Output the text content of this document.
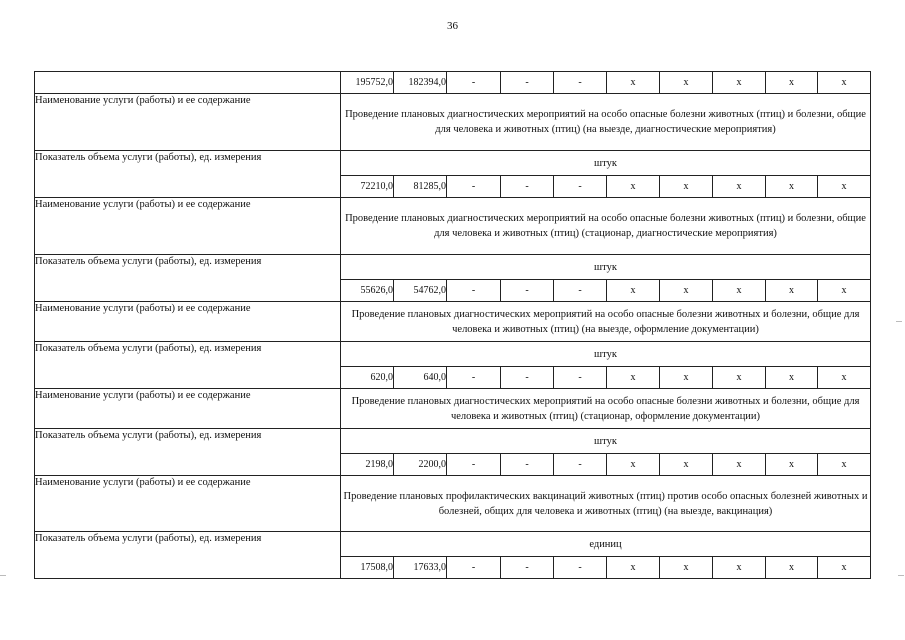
36
	195752,0	182394,0	-	-	-	x	x	x	x	x
Наименование услуги (работы) и ее содержание	Проведение плановых диагностических мероприятий на особо опасные болезни животных (птиц) и болезни, общие для человека и животных (птиц) (на выезде, диагностические мероприятия)									
Показатель объема услуги (работы), ед. измерения	штук									
	72210,0	81285,0	-	-	-	x	x	x	x	x
Наименование услуги (работы) и ее содержание	Проведение плановых диагностических мероприятий на особо опасные болезни животных (птиц) и болезни, общие для человека и животных (птиц) (стационар, диагностические мероприятия)									
Показатель объема услуги (работы), ед. измерения	штук									
	55626,0	54762,0	-	-	-	x	x	x	x	x
Наименование услуги (работы) и ее содержание	Проведение плановых диагностических мероприятий на особо опасные болезни животных и болезни, общие для человека и животных (птиц) (на выезде, оформление документации)									
Показатель объема услуги (работы), ед. измерения	штук									
	620,0	640,0	-	-	-	x	x	x	x	x
Наименование услуги (работы) и ее содержание	Проведение плановых диагностических мероприятий на особо опасные болезни животных и болезни, общие для человека и животных (птиц) (стационар, оформление документации)									
Показатель объема услуги (работы), ед. измерения	штук									
	2198,0	2200,0	-	-	-	x	x	x	x	x
Наименование услуги (работы) и ее содержание	Проведение плановых профилактических вакцинаций животных (птиц) против особо опасных болезней животных и болезней, общих для человека и животных (птиц) (на выезде, вакцинация)									
Показатель объема услуги (работы), ед. измерения	единиц									
	17508,0	17633,0	-	-	-	x	x	x	x	x
